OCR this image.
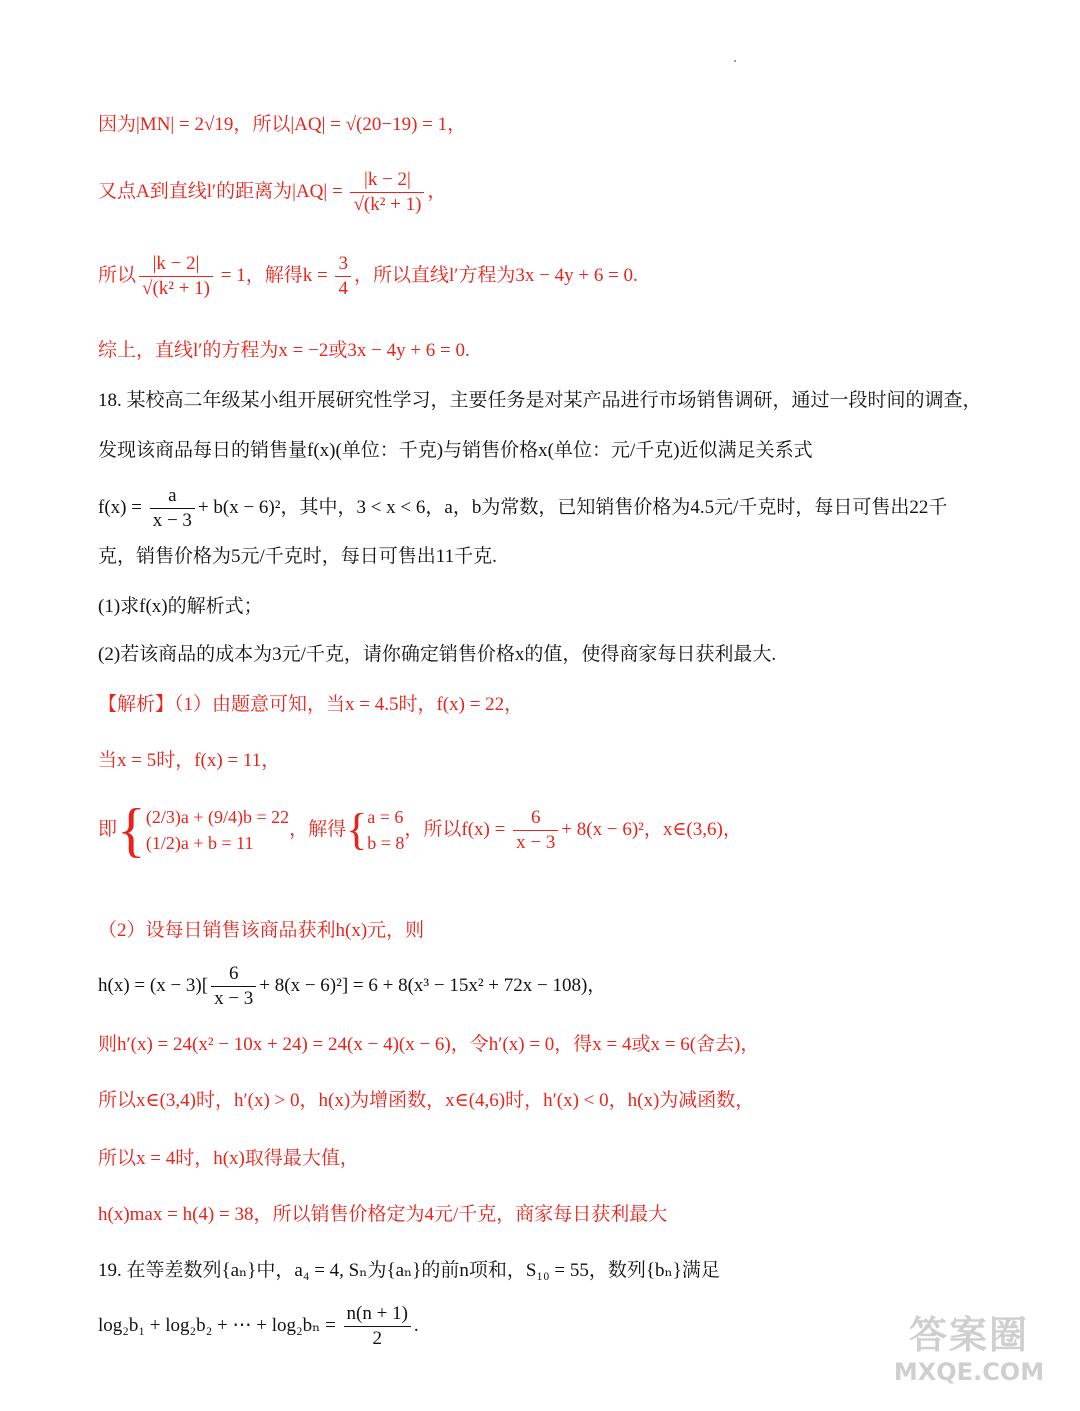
因为|MN| = 2√19，所以|AQ| = √(20−19) = 1，
又点A到直线l′的距离为$|AQ| = \frac{|k - 2|}{\text{√(k² + 1)}}$ ，
所以 $\frac{|k - 2|}{\text{√(k² + 1)}} = 1$，解得$k = \frac{3}{4}$ ，所以直线l′方程为3x − 4y + 6 = 0.
综上，直线l′的方程为x = −2或3x − 4y + 6 = 0.
18. 某校高二年级某小组开展研究性学习，主要任务是对某产品进行市场销售调研，通过一段时间的调查，
发现该商品每日的销售量f(x)(单位：千克)与销售价格x(单位：元/千克)近似满足关系式
$f(x) = \frac{a}{x - 3} + b(x - 6)^2$，其中，3 < x < 6，a，b为常数，已知销售价格为4.5元/千克时，每日可售出22千
克，销售价格为5元/千克时，每日可售出11千克.
(1)求f(x)的解析式；
(2)若该商品的成本为3元/千克，请你确定销售价格x的值，使得商家每日获利最大.
【解析】（1）由题意可知，当x = 4.5时，f(x) = 22，
当x = 5时，f(x) = 11，
即{ (2/3)a + (9/4)b = 22
(1/2)a + b = 11
，解得{ a = 6
b = 8
，所以$f(x) = \frac{6}{x - 3} + 8(x - 6)^2$，x∈(3,6)，
（2）设每日销售该商品获利h(x)元，则
$h(x) = (x - 3)[ \frac{6}{x - 3} + 8(x - 6)^2] = 6 + 8(x^3 - 15x^2 + 72x - 108)$，
则h′(x) = 24(x² − 10x + 24) = 24(x − 4)(x − 6)，令h′(x) = 0，得x = 4或x = 6(舍去)，
所以x∈(3,4)时，h′(x) > 0，h(x)为增函数，x∈(4,6)时，h′(x) < 0，h(x)为减函数，
所以x = 4时，h(x)取得最大值，
h(x)max = h(4) = 38，所以销售价格定为4元/千克，商家每日获利最大
19. 在等差数列{aₙ}中，a₄ = 4, Sₙ为{aₙ}的前n项和，S₁₀ = 55，数列{bₙ}满足
log₂b₁ + log₂b₂ + ⋯ + $\log_2b_n = \frac{n(n + 1)}{2}$ .	答案圈
MXQE.COM
